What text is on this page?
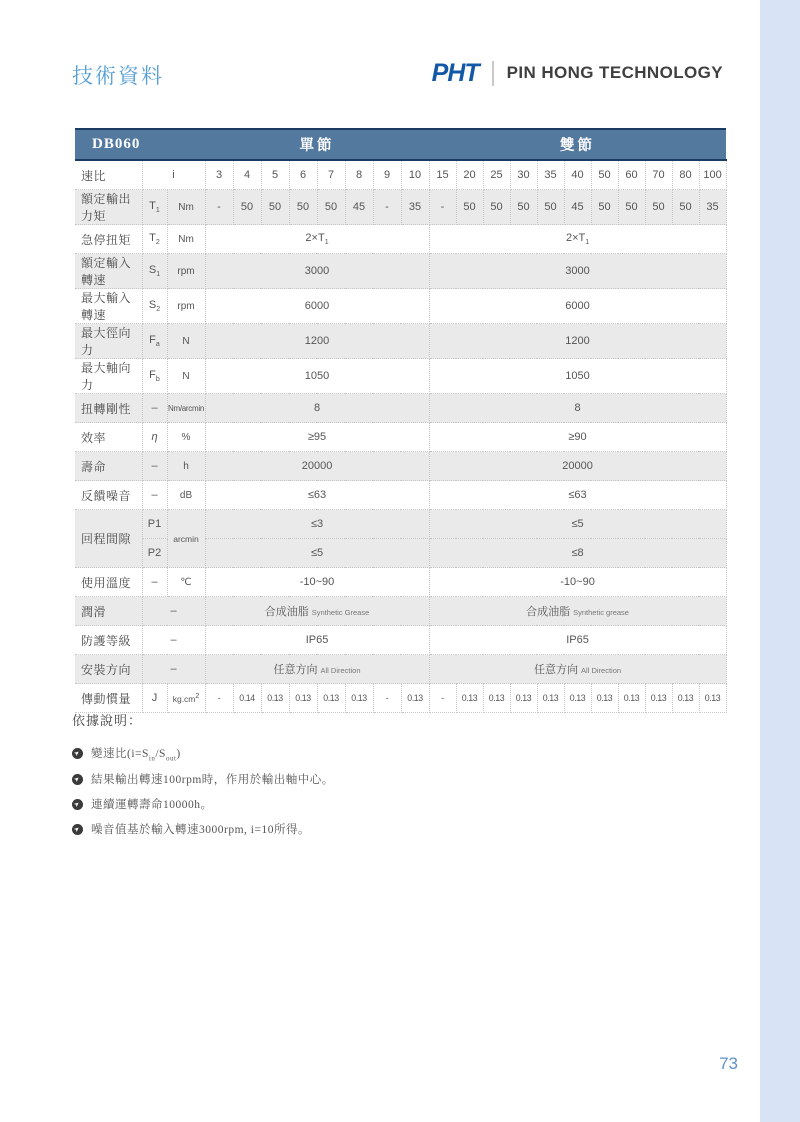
技術資料	PHT PIN HONG TECHNOLOGY
DB060			單節								雙節										
速比	i		3	4	5	6	7	8	9	10	15	20	25	30	35	40	50	60	70	80	100
額定輸出力矩	$T_1$	Nm	-	50	50	50	50	45	-	35	-	50	50	50	50	45	50	50	50	50	35
急停扭矩	$T_2$	Nm	$2\times T_1$								$2\times T_1$
額定輸入轉速	$S_1$	rpm	3000								3000										
最大輸入轉速	$S_2$	rpm	6000								6000										
最大徑向力	$F_a$	N	1200								1200										
最大軸向力	$F_b$	N	1050								1050										
扭轉剛性	–	Nm/arcmin	8								8										
效率	η	%	≥95								≥90										
壽命	–	h	20000								20000										
反饋噪音	–	dB	≤63								≤63										
回程間隙	P1	arcmin	≤3								≤5										
	P2		≤5								≤8										
使用溫度	–	℃	-10~90								-10~90										
潤滑	–		合成油脂 Synthetic Grease								合成油脂 Synthetic grease										
防護等級	–		IP65								IP65										
安裝方向	–		任意方向 All Direction								任意方向 All Direction										
傳動慣量	J	$kg.cm^2$	-	0.14	0.13	0.13	0.13	0.13	-	0.13	-	0.13	0.13	0.13	0.13	0.13	0.13	0.13	0.13	0.13	0.13
依據說明：
➤ 變速比$(i=S_{in}/S_{out})$
➤ 結果輸出轉速100rpm時，作用於輸出軸中心。
➤ 連續運轉壽命10000h。
➤ 噪音值基於輸入轉速3000rpm, i=10所得。
73
